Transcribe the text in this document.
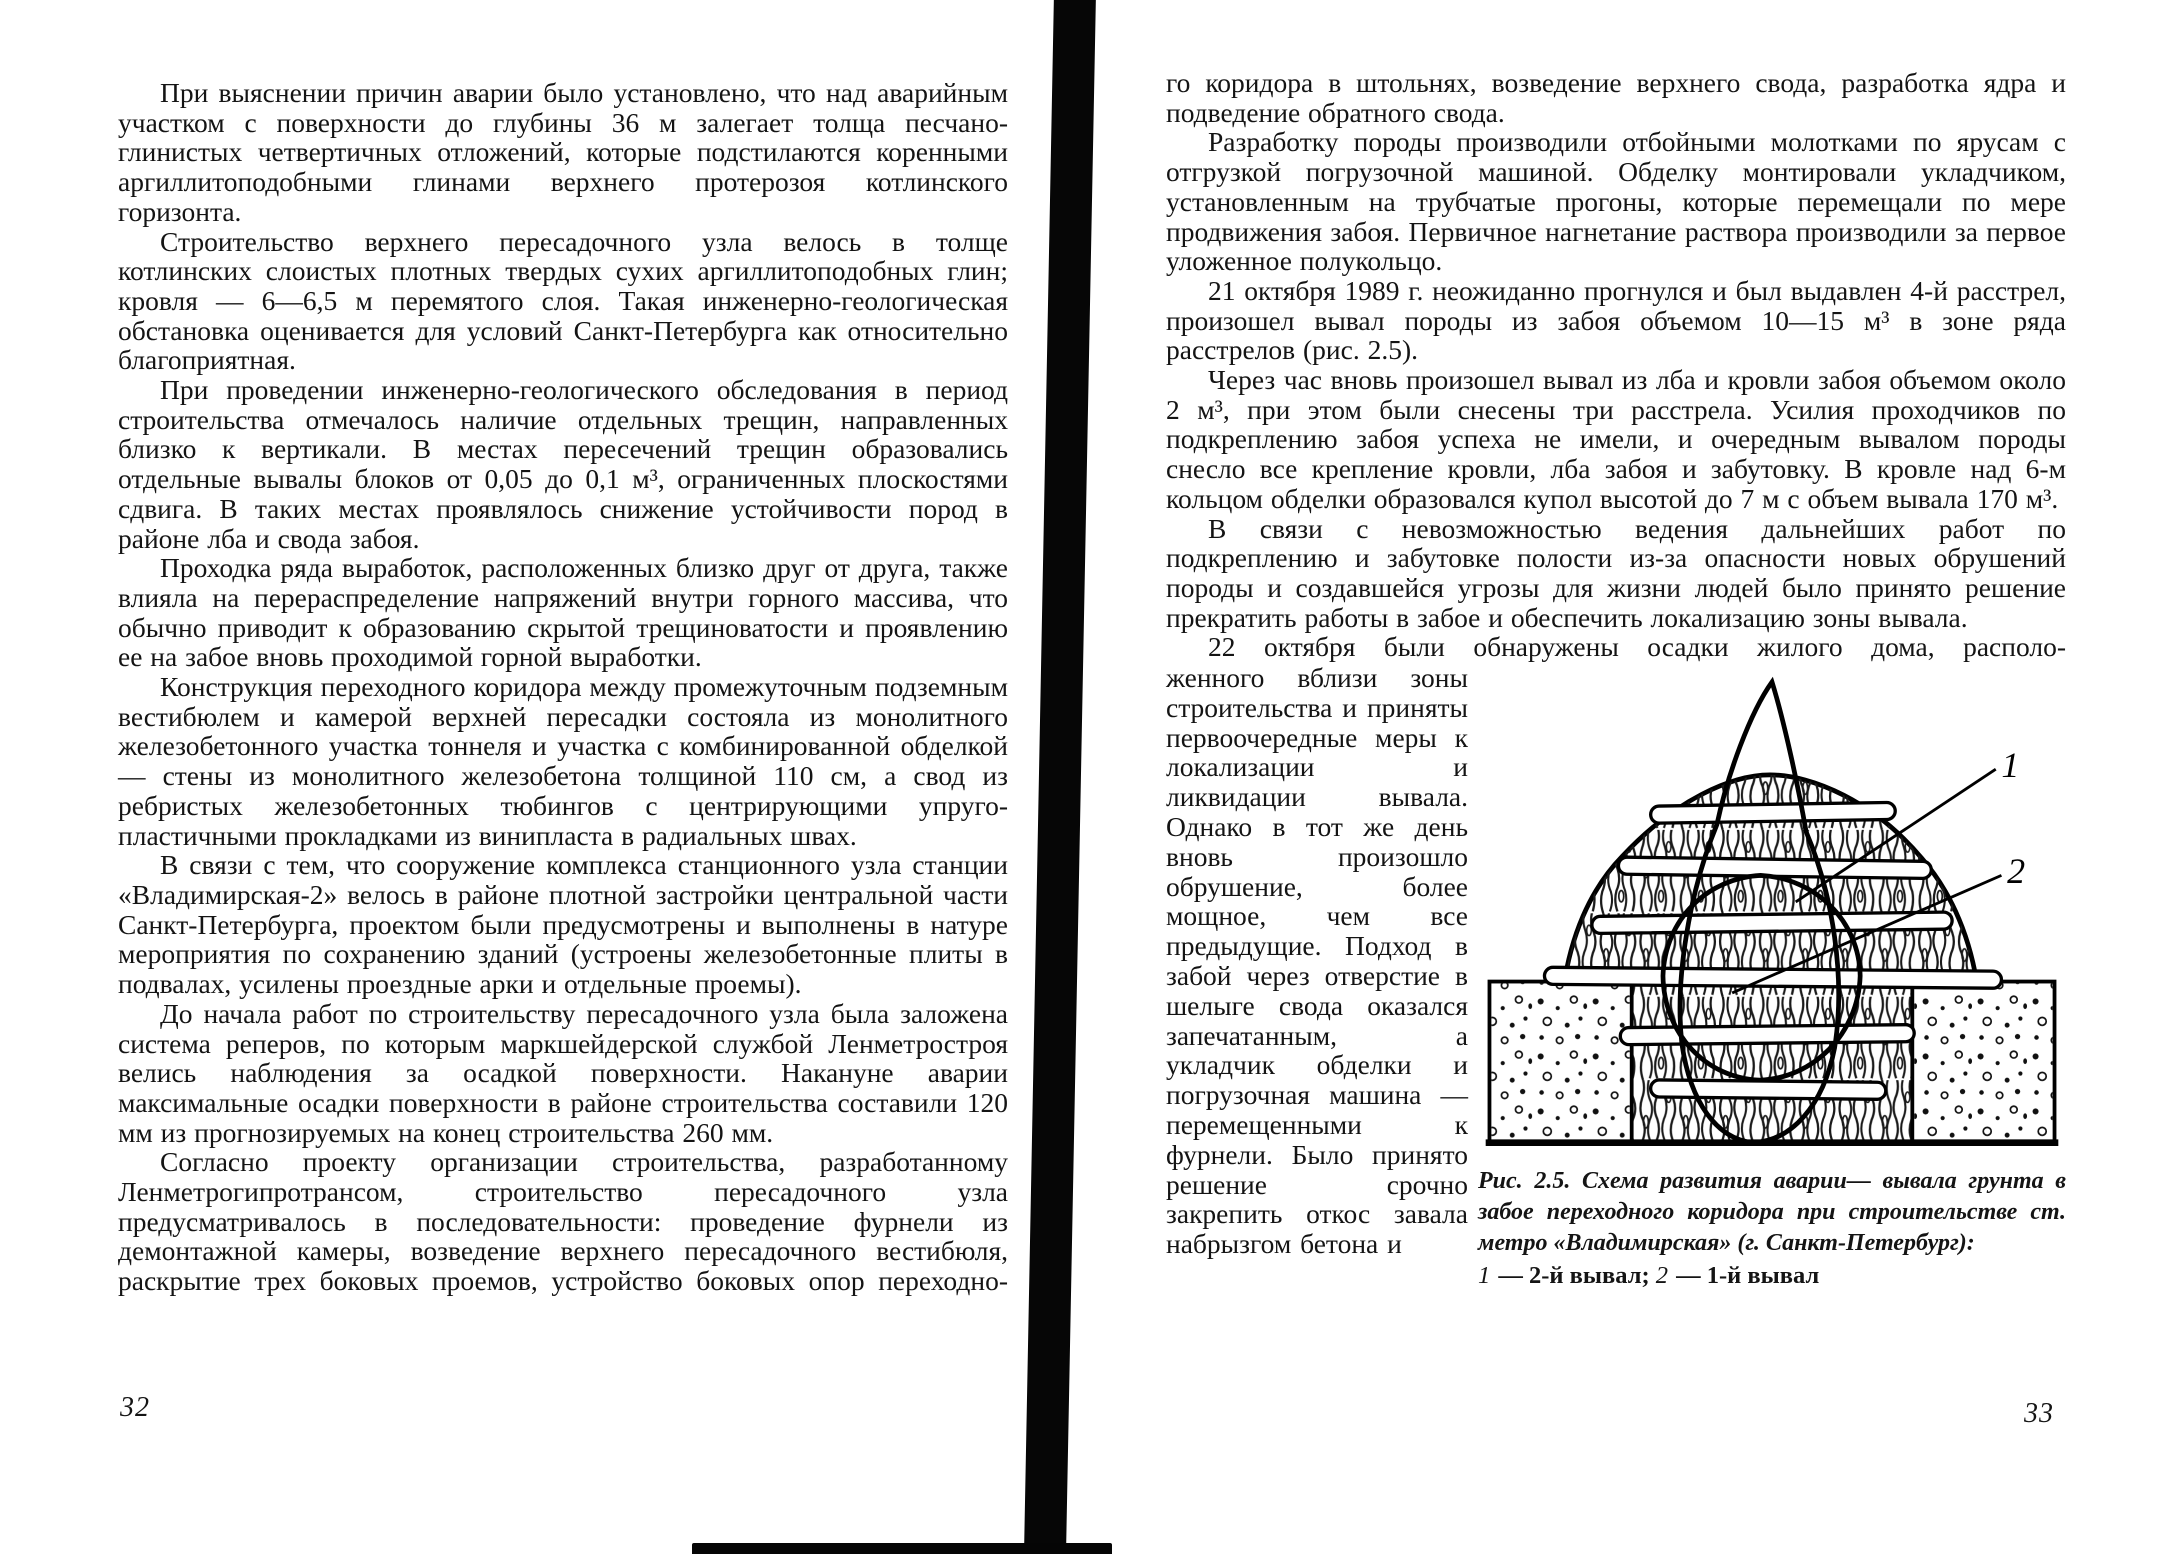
При выяснении причин аварии было установлено, что над аварийным участком с поверхности до глубины 36 м залегает толща песчано-глинистых четвертичных отложений, которые подстилаются коренными аргиллитоподобными глинами верхнего протерозоя котлинского горизонта.

Строительство верхнего пересадочного узла велось в толще котлинских слоистых плотных твердых сухих аргиллитоподобных глин; кровля — 6—6,5 м перемятого слоя. Такая инженерно-геологическая обстановка оценивается для условий Санкт-Петербурга как относительно благоприятная.

При проведении инженерно-геологического обследования в период строительства отмечалось наличие отдельных трещин, направленных близко к вертикали. В местах пересечений трещин образовались отдельные вывалы блоков от 0,05 до 0,1 м³, ограниченных плоскостями сдвига. В таких местах проявлялось снижение устойчивости пород в районе лба и свода забоя.

Проходка ряда выработок, расположенных близко друг от друга, также влияла на перераспределение напряжений внутри горного массива, что обычно приводит к образованию скрытой трещиноватости и проявлению ее на забое вновь проходимой горной выработки.

Конструкция переходного коридора между промежуточным подземным вестибюлем и камерой верхней пересадки состояла из монолитного железобетонного участка тоннеля и участка с комбинированной обделкой — стены из монолитного железобетона толщиной 110 см, а свод из ребристых железобетонных тюбингов с центрирующими упруго-пластичными прокладками из винипласта в радиальных швах.

В связи с тем, что сооружение комплекса станционного узла станции «Владимирская-2» велось в районе плотной застройки центральной части Санкт-Петербурга, проектом были предусмотрены и выполнены в натуре мероприятия по сохранению зданий (устроены железобетонные плиты в подвалах, усилены проездные арки и отдельные проемы).

До начала работ по строительству пересадочного узла была заложена система реперов, по которым маркшейдерской службой Ленметростроя велись наблюдения за осадкой поверхности. Накануне аварии максимальные осадки поверхности в районе строительства составили 120 мм из прогнозируемых на конец строительства 260 мм.

Согласно проекту организации строительства, разработанному Ленметрогипротрансом, строительство пересадочного узла предусматривалось в последовательности: проведение фурнели из демонтажной камеры, возведение верхнего пересадочного вестибюля, раскрытие трех боковых проемов, устройство боковых опор переходно-

32

го коридора в штольнях, возведение верхнего свода, разработка ядра и подведение обратного свода.

Разработку породы производили отбойными молотками по ярусам с отгрузкой погрузочной машиной. Обделку монтировали укладчиком, установленным на трубчатые прогоны, которые перемещали по мере продвижения забоя. Первичное нагнетание раствора производили за первое уложенное полукольцо.

21 октября 1989 г. неожиданно прогнулся и был выдавлен 4-й расстрел, произошел вывал породы из забоя объемом 10—15 м³ в зоне ряда расстрелов (рис. 2.5).

Через час вновь произошел вывал из лба и кровли забоя объемом около 2 м³, при этом были снесены три расстрела. Усилия проходчиков по подкреплению забоя успеха не имели, и очередным вывалом породы снесло все крепление кровли, лба забоя и забутовку. В кровле над 6-м кольцом обделки образовался купол высотой до 7 м с объем вывала 170 м³.

В связи с невозможностью ведения дальнейших работ по подкреплению и забутовке полости из-за опасности новых обрушений породы и создавшейся угрозы для жизни людей было принято решение прекратить работы в забое и обеспечить локализацию зоны вывала.

22 октября были обнаружены осадки жилого дома, располо-

женного вблизи зоны строительства и приняты первоочередные меры к локализации и ликвидации вывала. Однако в тот же день вновь произошло обрушение, более мощное, чем все предыдущие. Подход в забой через отверстие в шелыге свода оказался запечатанным, а укладчик обделки и погрузочная машина — перемещенными к фурнели. Было принято решение срочно закрепить откос завала набрызгом бетона и
1
2
Рис. 2.5. Схема развития аварии— вывала грунта в забое переходного коридора при строительстве ст. метро «Владимирская» (г. Санкт-Петербург):
1 — 2-й вывал; 2 — 1-й вывал
33
